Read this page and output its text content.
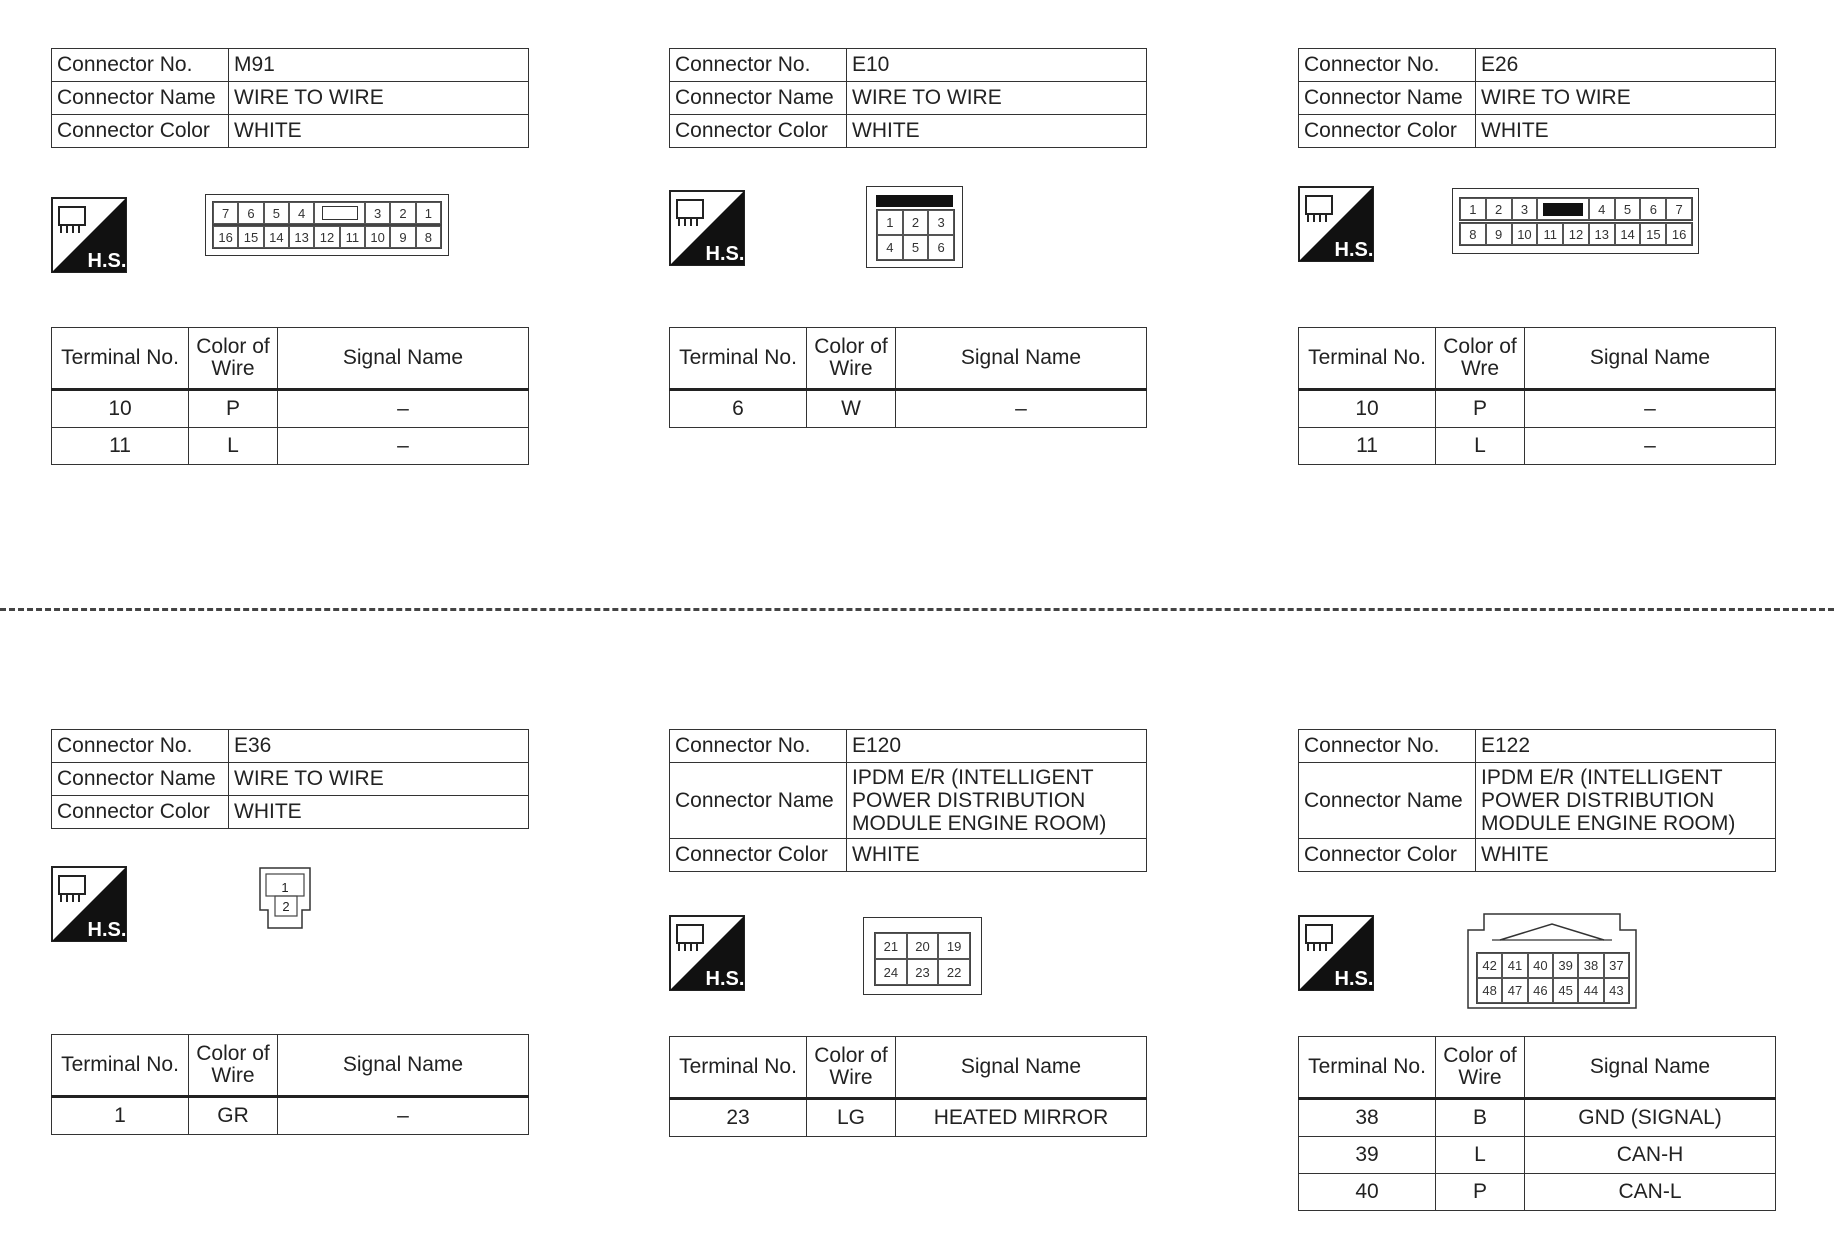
Connector No.	M91
Connector Name	WIRE TO WIRE
Connector Color	WHITE
H.S.
7	6	5	4	3	2	1
16 15 14 13 12 11 10	9	8
Terminal No.	Color of Wire	Signal Name
10	P	–
11	L	–
Connector No.	E10
Connector Name	WIRE TO WIRE
Connector Color	WHITE
H.S.
1	2	3
4	5	6
Terminal No.	Color of Wire	Signal Name
6	W	–
Connector No.	E26
Connector Name	WIRE TO WIRE
Connector Color	WHITE
H.S.
1	2	3	4	5	6	7
8	9	10 11 12 13 14 15 16
Terminal No.	Color of Wre	Signal Name
10	P	–
11	L	–
Connector No.	E36
Connector Name	WIRE TO WIRE
Connector Color	WHITE
H.S.
1
2
Terminal No.	Color of Wire	Signal Name
1	GR	–
Connector No.	E120
Connector Name	IPDM E/R (INTELLIGENT POWER DISTRIBUTION MODULE ENGINE ROOM)
Connector Color	WHITE
H.S.
21	20	19
24	23	22
Terminal No.	Color of Wire	Signal Name
23	LG	HEATED MIRROR
Connector No.	E122
Connector Name	IPDM E/R (INTELLIGENT POWER DISTRIBUTION MODULE ENGINE ROOM)
Connector Color	WHITE
H.S.
42 41 40 39 38 37
48 47 46 45 44 43
Terminal No.	Color of Wire	Signal Name
38	B	GND (SIGNAL)
39	L	CAN-H
40	P	CAN-L
